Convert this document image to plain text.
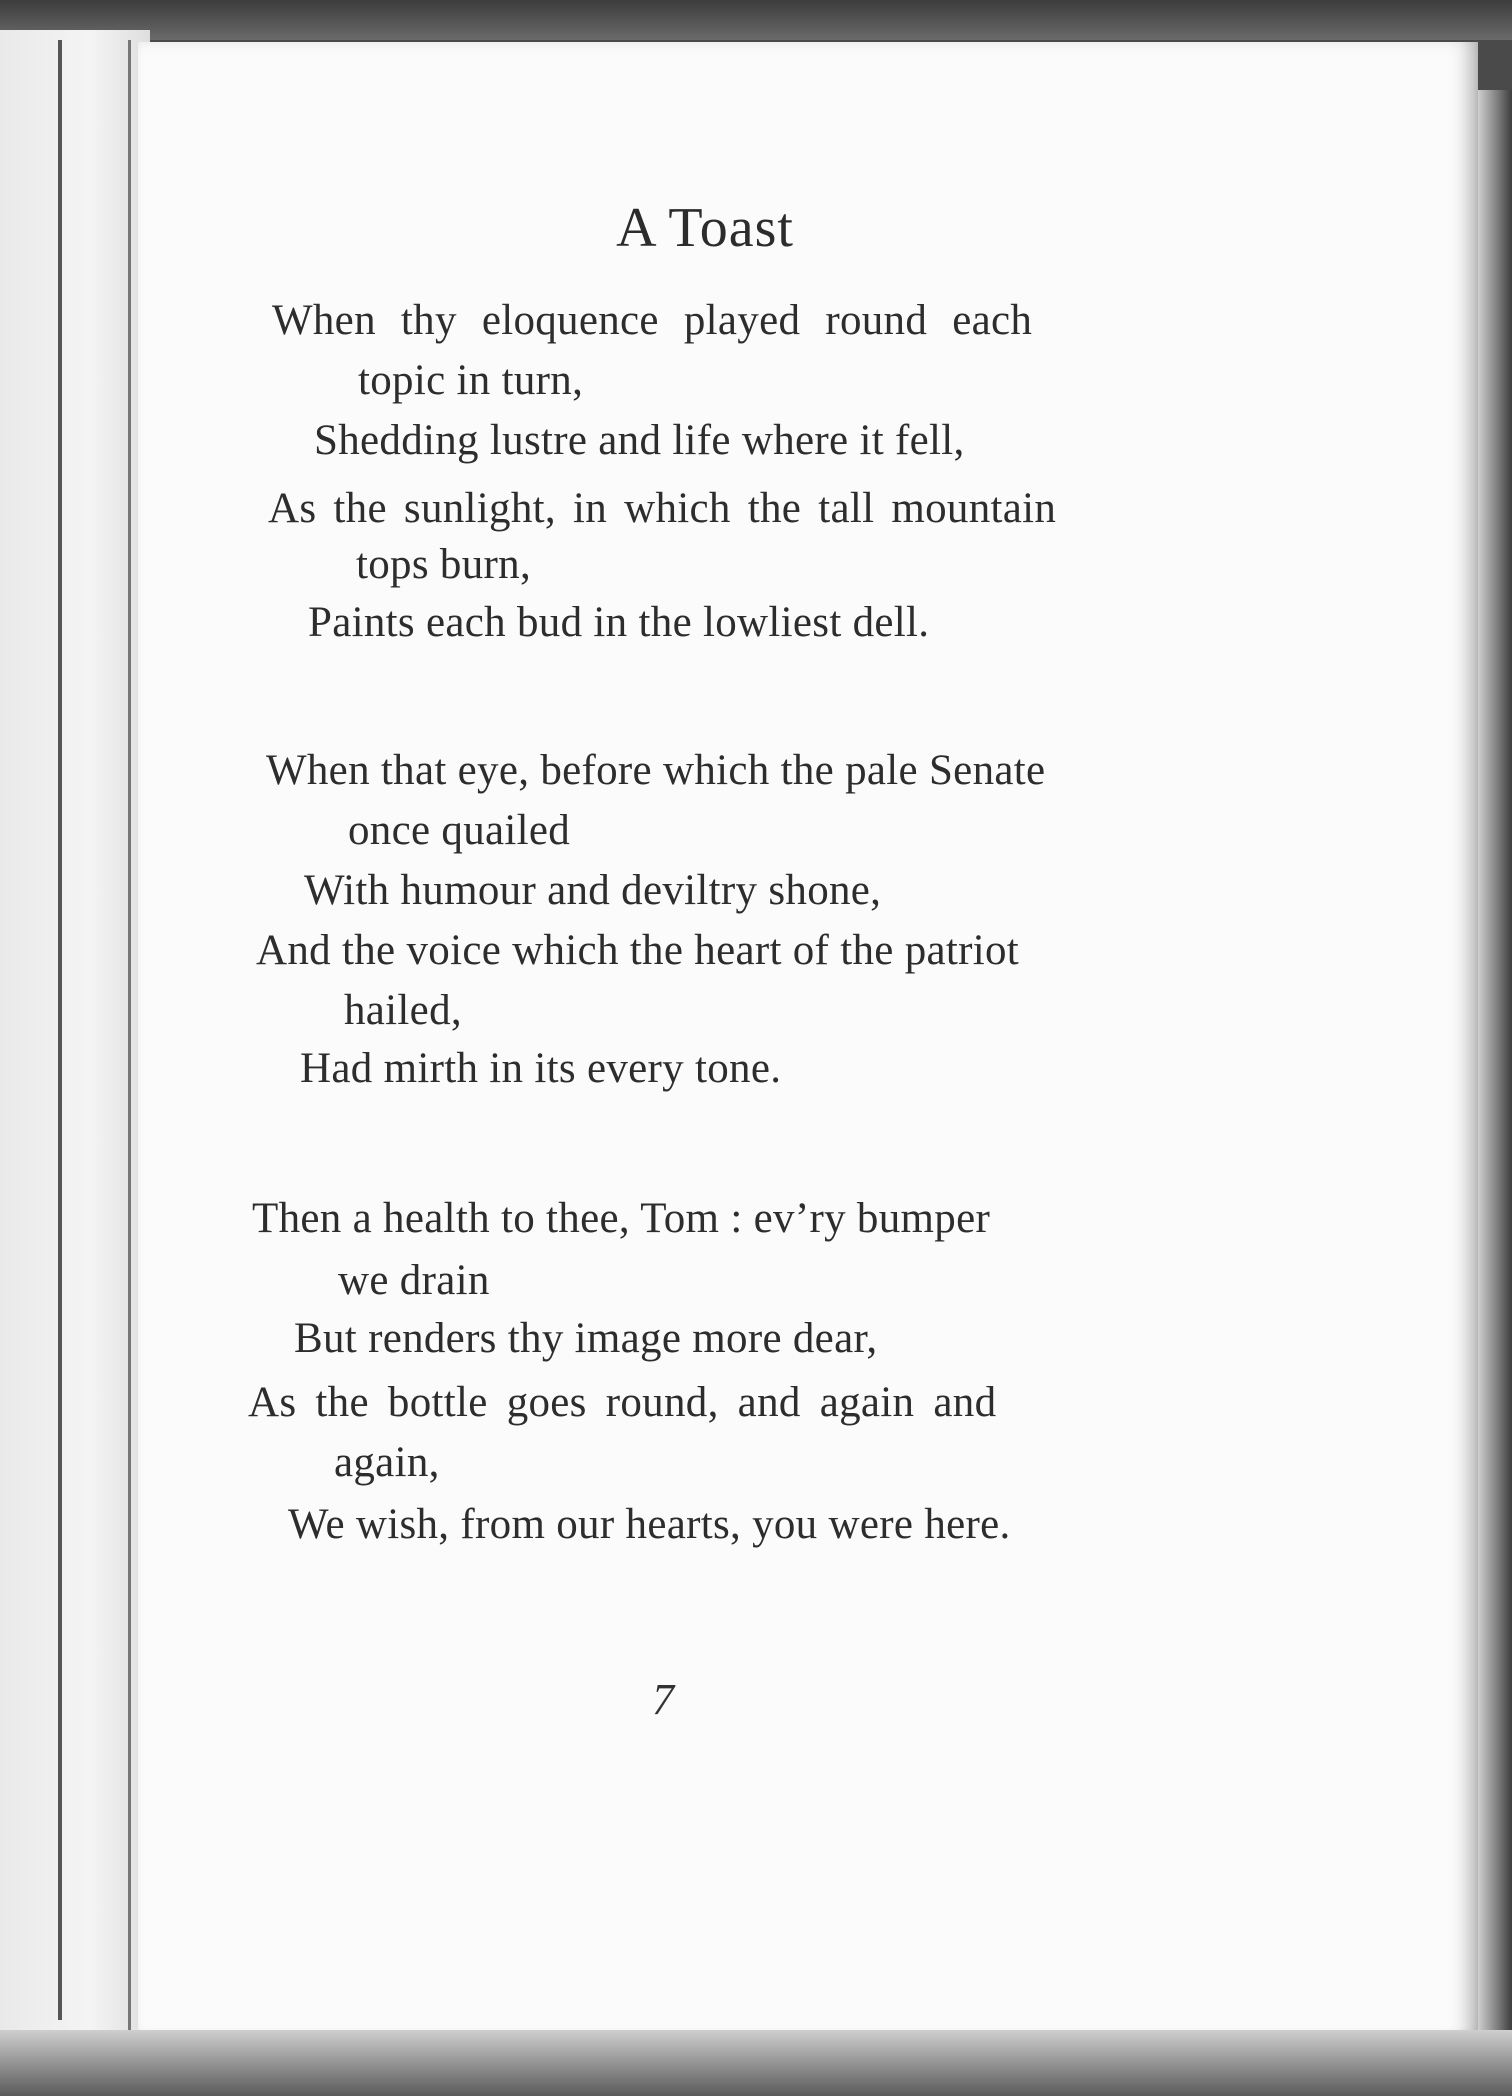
A Toast
When thy eloquence played round each
topic in turn,
Shedding lustre and life where it fell,
As the sunlight, in which the tall mountain
tops burn,
Paints each bud in the lowliest dell.
When that eye, before which the pale Senate
once quailed
With humour and deviltry shone,
And the voice which the heart of the patriot
hailed,
Had mirth in its every tone.
Then a health to thee, Tom : ev’ry bumper
we drain
But renders thy image more dear,
As the bottle goes round, and again and
again,
We wish, from our hearts, you were here.
7
